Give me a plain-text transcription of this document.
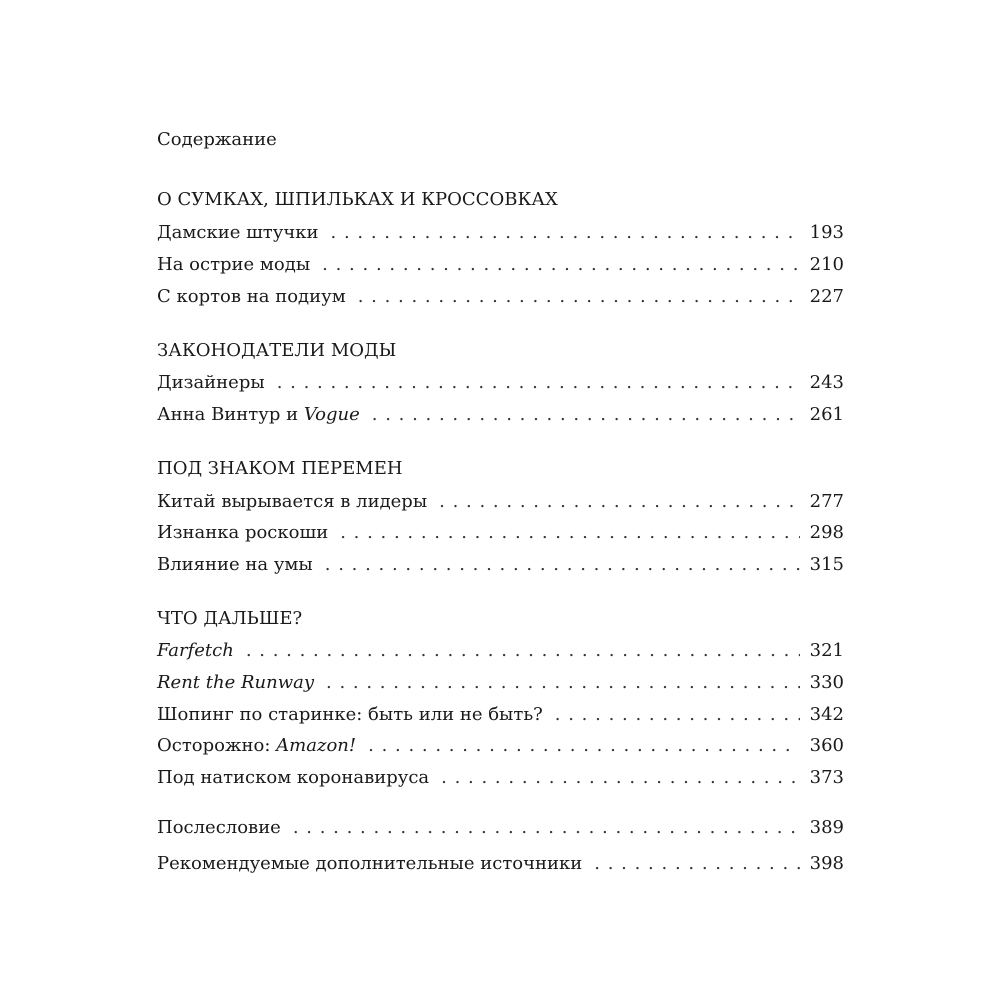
Содержание
О СУМКАХ, ШПИЛЬКАХ И КРОССОВКАХ
Дамские штучки . . .	193
На острие моды . . .	210
С кортов на подиум . . .	227
ЗАКОНОДАТЕЛИ МОДЫ
Дизайнеры . . .	243
Анна Винтур и Vogue . . .	261
ПОД ЗНАКОМ ПЕРЕМЕН
Китай вырывается в лидеры . . .	277
Изнанка роскоши . . .	298
Влияние на умы . . .	315
ЧТО ДАЛЬШЕ?
Farfetch . . .	321
Rent the Runway . . .	330
Шопинг по старинке: быть или не быть? . . .	342
Осторожно: Amazon! . . .	360
Под натиском коронавируса . . .	373
Послесловие . . .	389
Рекомендуемые дополнительные источники . . .	398
